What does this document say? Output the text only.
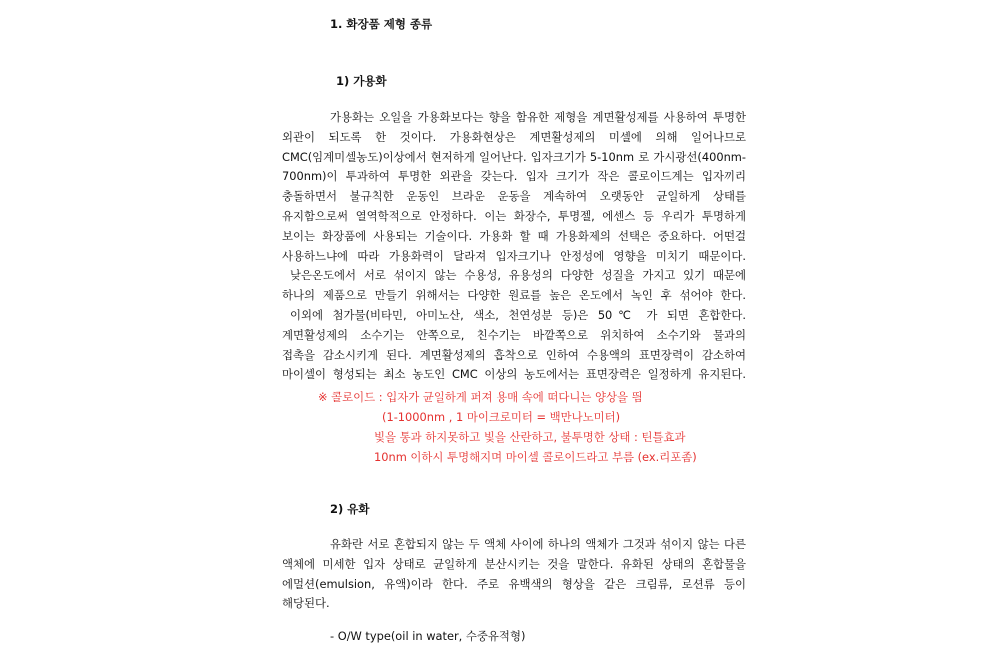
1. 화장품 제형 종류
1) 가용화
가용화는 오일을 가용화보다는 향을 함유한 제형을 계면활성제를 사용하여 투명한
외관이 되도록 한 것이다. 가용화현상은 계면활성제의 미셀에 의해 일어나므로
CMC(임계미셀농도)이상에서 현저하게 일어난다. 입자크기가 5-10nm 로 가시광선(400nm-
700nm)이 투과하여 투명한 외관을 갖는다. 입자 크기가 작은 콜로이드계는 입자끼리
충돌하면서 불규칙한 운동인 브라운 운동을 계속하여 오랫동안 균일하게 상태를
유지함으로써 열역학적으로 안정하다. 이는 화장수, 투명젤, 에센스 등 우리가 투명하게
보이는 화장품에 사용되는 기술이다. 가용화 할 때 가용화제의 선택은 중요하다. 어떤걸
사용하느냐에 따라 가용화력이 달라져 입자크기나 안정성에 영향을 미치기 때문이다.
낮은온도에서 서로 섞이지 않는 수용성, 유용성의 다양한 성질을 가지고 있기 때문에
하나의 제품으로 만들기 위해서는 다양한 원료를 높은 온도에서 녹인 후 섞어야 한다.
이외에 첨가물(비타민, 아미노산, 색소, 천연성분 등)은 50℃ 가 되면 혼합한다.
계면활성제의 소수기는 안쪽으로, 친수기는 바깥쪽으로 위치하여 소수기와 물과의
접촉을 감소시키게 된다. 계면활성제의 흡착으로 인하여 수용액의 표면장력이 감소하여
마이셀이 형성되는 최소 농도인 CMC 이상의 농도에서는 표면장력은 일정하게 유지된다.
※ 콜로이드 : 입자가 균일하게 퍼져 용매 속에 떠다니는 양상을 띔
(1-1000nm , 1 마이크로미터 = 백만나노미터)
빛을 통과 하지못하고 빛을 산란하고, 불투명한 상태 : 틴틀효과
10nm 이하시 투명해지며 마이셀 콜로이드라고 부름 (ex.리포좀)
2) 유화
유화란 서로 혼합되지 않는 두 액체 사이에 하나의 액체가 그것과 섞이지 않는 다른
액체에 미세한 입자 상태로 균일하게 분산시키는 것을 말한다. 유화된 상태의 혼합물을
에멀션(emulsion, 유액)이라 한다. 주로 유백색의 형상을 같은 크림류, 로션류 등이
해당된다.
- O/W type(oil in water, 수중유적형)
